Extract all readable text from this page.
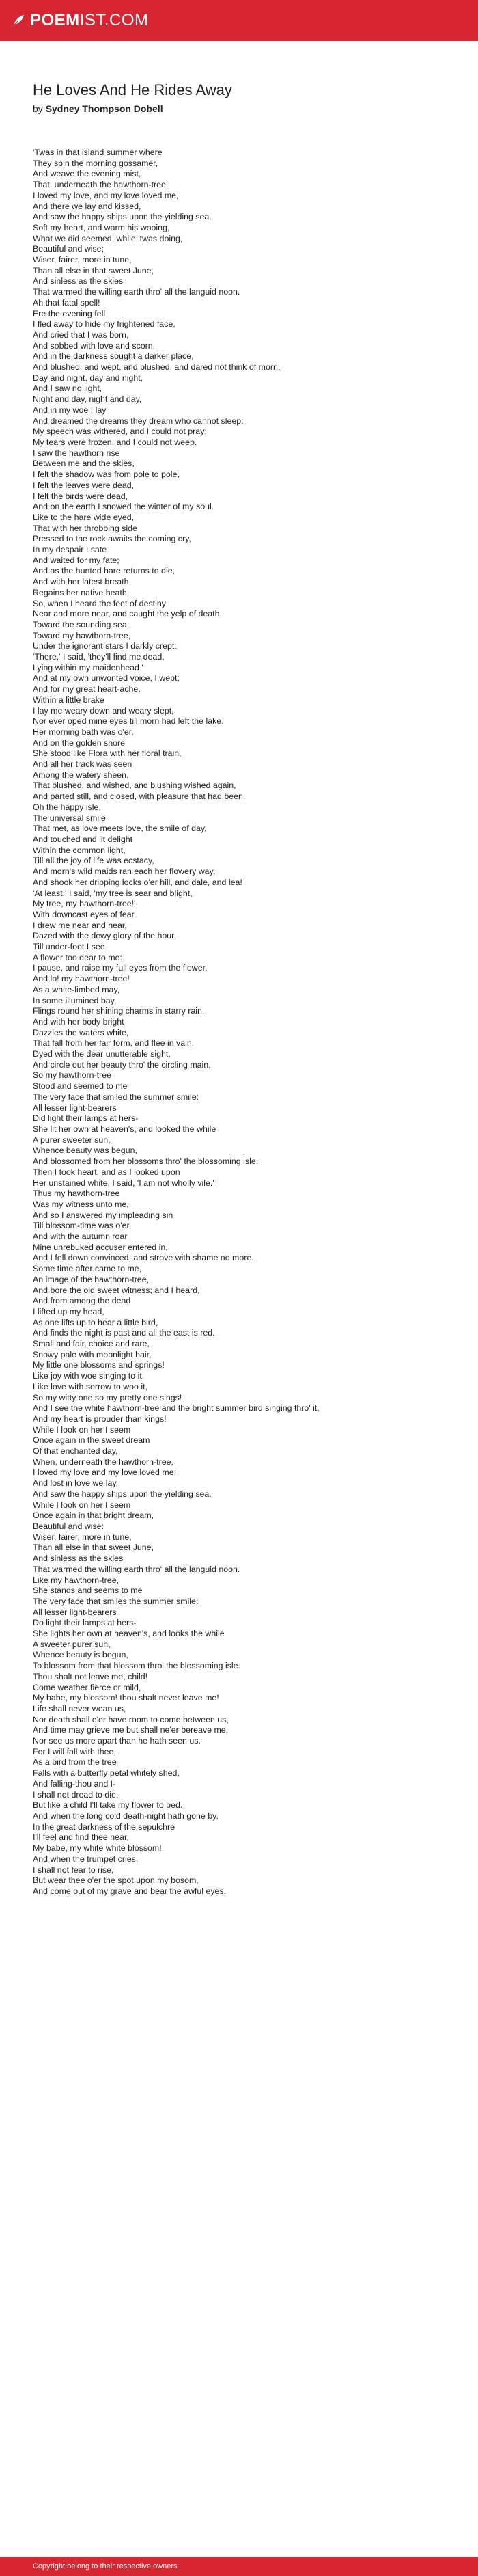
POEM IST.COM
He Loves And He Rides Away
by Sydney Thompson Dobell
'Twas in that island summer where
They spin the morning gossamer,
And weave the evening mist,
That, underneath the hawthorn-tree,
I loved my love, and my love loved me,
And there we lay and kissed,
And saw the happy ships upon the yielding sea.
Soft my heart, and warm his wooing,
What we did seemed, while 'twas doing,
Beautiful and wise;
Wiser, fairer, more in tune,
Than all else in that sweet June,
And sinless as the skies
That warmed the willing earth thro' all the languid noon.
Ah that fatal spell!
Ere the evening fell
I fled away to hide my frightened face,
And cried that I was born,
And sobbed with love and scorn,
And in the darkness sought a darker place,
And blushed, and wept, and blushed, and dared not think of morn.
Day and night, day and night,
And I saw no light,
Night and day, night and day,
And in my woe I lay
And dreamed the dreams they dream who cannot sleep:
My speech was withered, and I could not pray;
My tears were frozen, and I could not weep.
I saw the hawthorn rise
Between me and the skies,
I felt the shadow was from pole to pole,
I felt the leaves were dead,
I felt the birds were dead,
And on the earth I snowed the winter of my soul.
Like to the hare wide eyed,
That with her throbbing side
Pressed to the rock awaits the coming cry,
In my despair I sate
And waited for my fate;
And as the hunted hare returns to die,
And with her latest breath
Regains her native heath,
So, when I heard the feet of destiny
Near and more near, and caught the yelp of death,
Toward the sounding sea,
Toward my hawthorn-tree,
Under the ignorant stars I darkly crept:
'There,' I said, 'they'll find me dead,
Lying within my maidenhead.'
And at my own unwonted voice, I wept;
And for my great heart-ache,
Within a little brake
I lay me weary down and weary slept,
Nor ever oped mine eyes till morn had left the lake.
Her morning bath was o'er,
And on the golden shore
She stood like Flora with her floral train,
And all her track was seen
Among the watery sheen,
That blushed, and wished, and blushing wished again,
And parted still, and closed, with pleasure that had been.
Oh the happy isle,
The universal smile
That met, as love meets love, the smile of day,
And touched and lit delight
Within the common light,
Till all the joy of life was ecstacy,
And morn's wild maids ran each her flowery way,
And shook her dripping locks o'er hill, and dale, and lea!
'At least,' I said, 'my tree is sear and blight,
My tree, my hawthorn-tree!'
With downcast eyes of fear
I drew me near and near,
Dazed with the dewy glory of the hour,
Till under-foot I see
A flower too dear to me:
I pause, and raise my full eyes from the flower,
And lo! my hawthorn-tree!
As a white-limbed may,
In some illumined bay,
Flings round her shining charms in starry rain,
And with her body bright
Dazzles the waters white,
That fall from her fair form, and flee in vain,
Dyed with the dear unutterable sight,
And circle out her beauty thro' the circling main,
So my hawthorn-tree
Stood and seemed to me
The very face that smiled the summer smile:
All lesser light-bearers
Did light their lamps at hers-
She lit her own at heaven's, and looked the while
A purer sweeter sun,
Whence beauty was begun,
And blossomed from her blossoms thro' the blossoming isle.
Then I took heart, and as I looked upon
Her unstained white, I said, 'I am not wholly vile.'
Thus my hawthorn-tree
Was my witness unto me,
And so I answered my impleading sin
Till blossom-time was o'er,
And with the autumn roar
Mine unrebuked accuser entered in,
And I fell down convinced, and strove with shame no more.
Some time after came to me,
An image of the hawthorn-tree,
And bore the old sweet witness; and I heard,
And from among the dead
I lifted up my head,
As one lifts up to hear a little bird,
And finds the night is past and all the east is red.
Small and fair, choice and rare,
Snowy pale with moonlight hair,
My little one blossoms and springs!
Like joy with woe singing to it,
Like love with sorrow to woo it,
So my witty one so my pretty one sings!
And I see the white hawthorn-tree and the bright summer bird singing thro' it,
And my heart is prouder than kings!
While I look on her I seem
Once again in the sweet dream
Of that enchanted day,
When, underneath the hawthorn-tree,
I loved my love and my love loved me:
And lost in love we lay,
And saw the happy ships upon the yielding sea.
While I look on her I seem
Once again in that bright dream,
Beautiful and wise:
Wiser, fairer, more in tune,
Than all else in that sweet June,
And sinless as the skies
That warmed the willing earth thro' all the languid noon.
Like my hawthorn-tree,
She stands and seems to me
The very face that smiles the summer smile:
All lesser light-bearers
Do light their lamps at hers-
She lights her own at heaven's, and looks the while
A sweeter purer sun,
Whence beauty is begun,
To blossom from that blossom thro' the blossoming isle.
Thou shalt not leave me, child!
Come weather fierce or mild,
My babe, my blossom! thou shalt never leave me!
Life shall never wean us,
Nor death shall e'er have room to come between us,
And time may grieve me but shall ne'er bereave me,
Nor see us more apart than he hath seen us.
For I will fall with thee,
As a bird from the tree
Falls with a butterfly petal whitely shed,
And falling-thou and I-
I shall not dread to die,
But like a child I'll take my flower to bed.
And when the long cold death-night hath gone by,
In the great darkness of the sepulchre
I'll feel and find thee near,
My babe, my white white blossom!
And when the trumpet cries,
I shall not fear to rise,
But wear thee o'er the spot upon my bosom,
And come out of my grave and bear the awful eyes.
Copyright belong to their respective owners.
